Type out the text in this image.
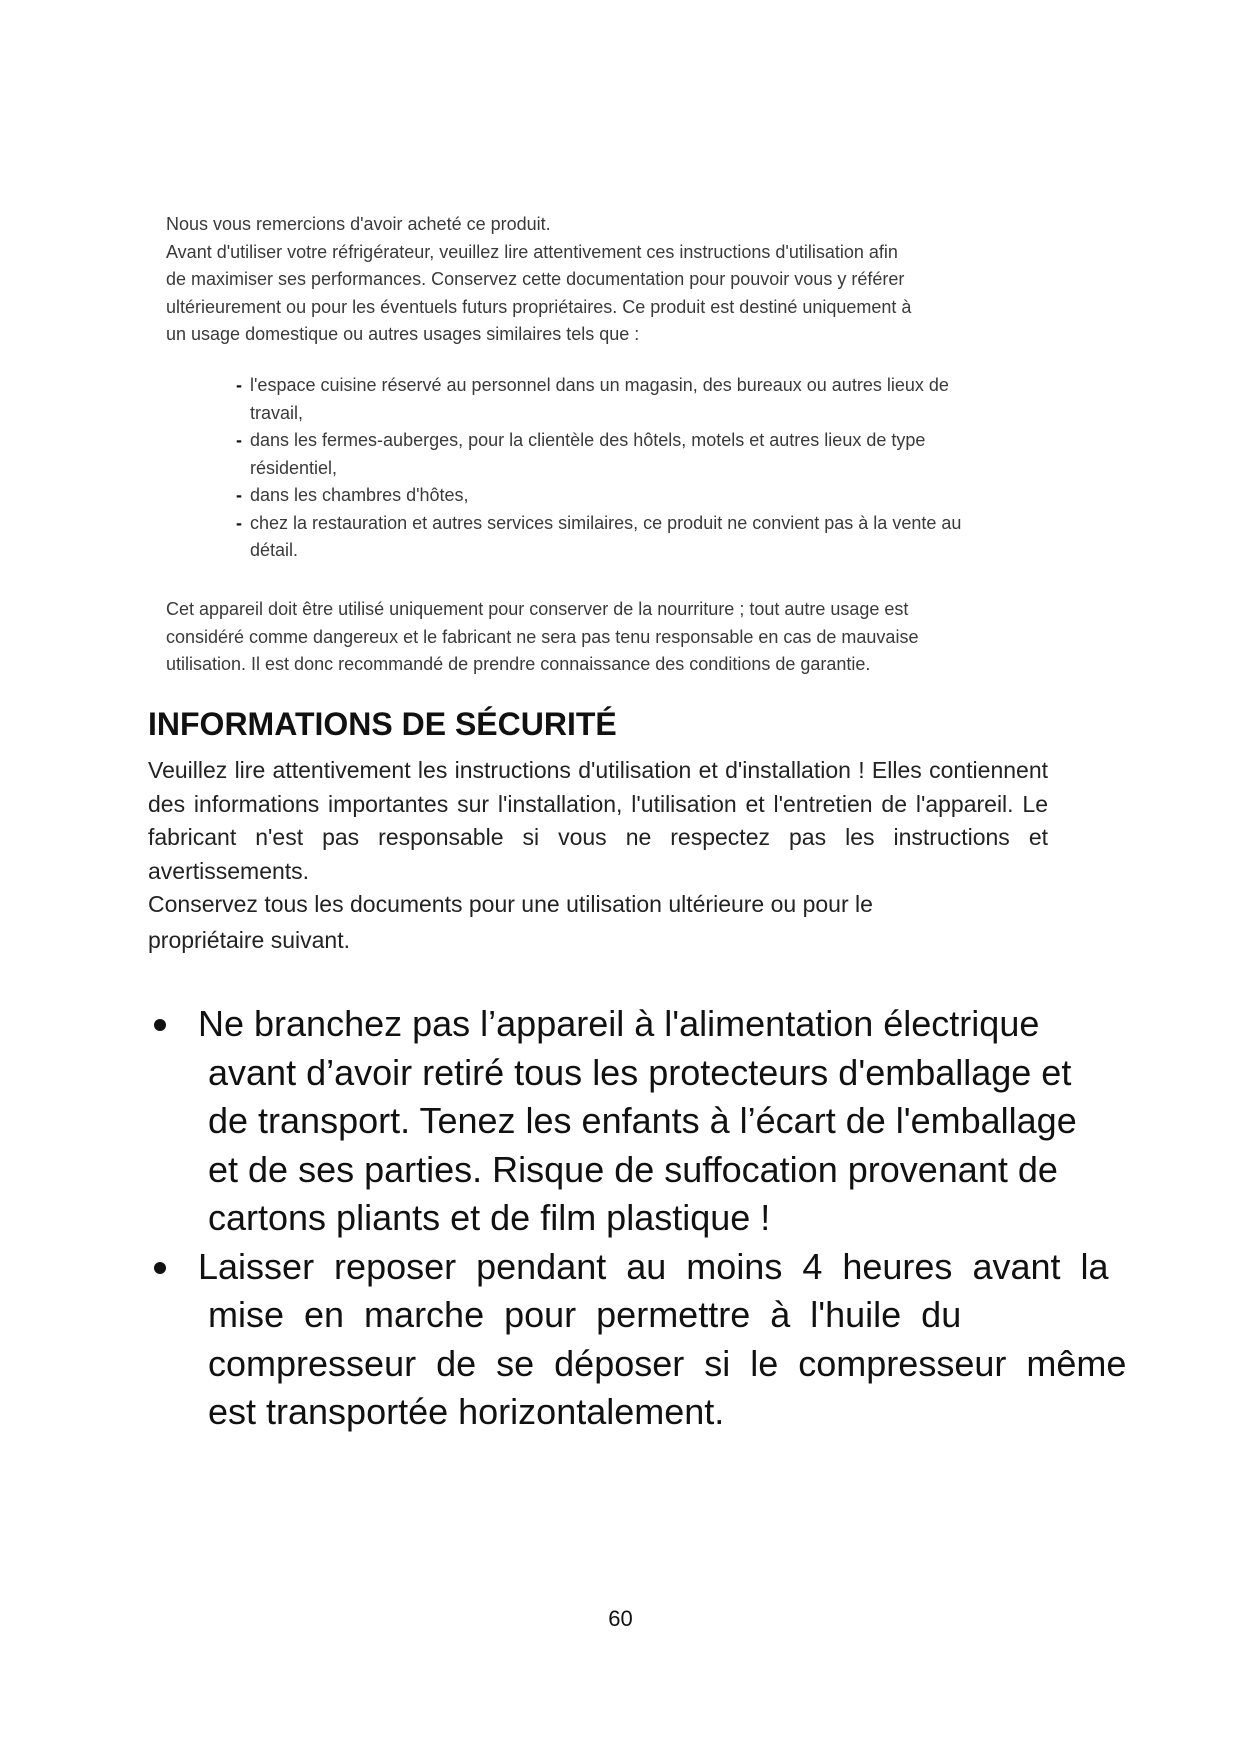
Nous vous remercions d'avoir acheté ce produit.

Avant d'utiliser votre réfrigérateur, veuillez lire attentivement ces instructions d'utilisation afin

de maximiser ses performances. Conservez cette documentation pour pouvoir vous y référer

ultérieurement ou pour les éventuels futurs propriétaires. Ce produit est destiné uniquement à

un usage domestique ou autres usages similaires tels que :

- l'espace cuisine réservé au personnel dans un magasin, des bureaux ou autres lieux de
travail,
- dans les fermes-auberges, pour la clientèle des hôtels, motels et autres lieux de type
résidentiel,
- dans les chambres d'hôtes,
- chez la restauration et autres services similaires, ce produit ne convient pas à la vente au
détail.
Cet appareil doit être utilisé uniquement pour conserver de la nourriture ; tout autre usage est
considéré comme dangereux et le fabricant ne sera pas tenu responsable en cas de mauvaise
utilisation. Il est donc recommandé de prendre connaissance des conditions de garantie.
INFORMATIONS DE SÉCURITÉ

Veuillez lire attentivement les instructions d'utilisation et d'installation ! Elles contiennent des informations importantes sur l'installation, l'utilisation et l'entretien de l'appareil. Le fabricant n'est pas responsable si vous ne respectez pas les instructions et avertissements.

Conservez tous les documents pour une utilisation ultérieure ou pour le

propriétaire suivant.

Ne branchez pas l’appareil à l'alimentation électrique
avant d’avoir retiré tous les protecteurs d'emballage et
de transport. Tenez les enfants à l’écart de l'emballage
et de ses parties. Risque de suffocation provenant de
cartons pliants et de film plastique !
Laisser  reposer  pendant  au  moins  4  heures  avant  la
mise  en  marche  pour  permettre  à  l'huile  du
compresseur  de  se  déposer  si  le  compresseur  même
est transportée horizontalement.

60
